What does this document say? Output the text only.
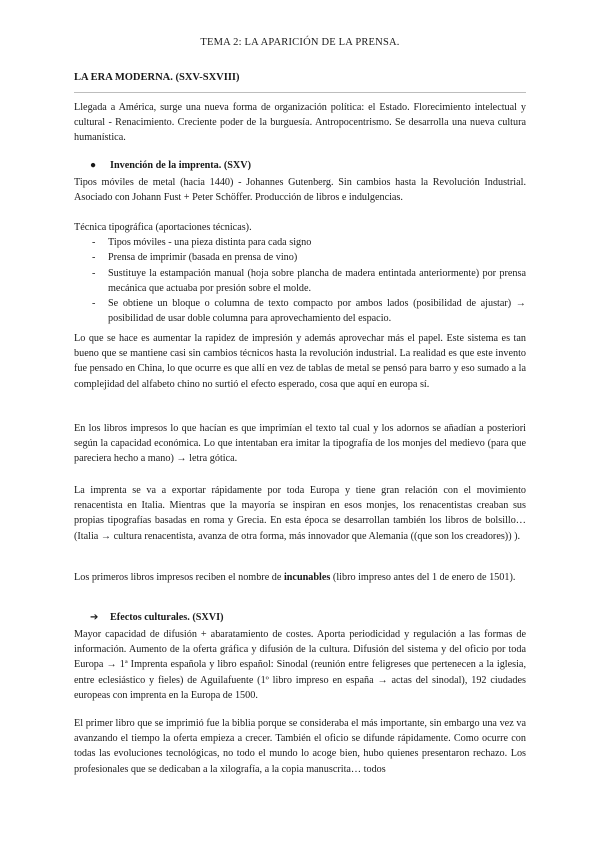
TEMA 2: LA APARICIÓN DE LA PRENSA.
LA ERA MODERNA. (SXV-SXVIII)

Llegada a América, surge una nueva forma de organización política: el Estado. Florecimiento intelectual y cultural - Renacimiento. Creciente poder de la burguesía. Antropocentrismo. Se desarrolla una nueva cultura humanística.

● Invención de la imprenta. (SXV)

Tipos móviles de metal (hacia 1440) - Johannes Gutenberg. Sin cambios hasta la Revolución Industrial. Asociado con Johann Fust + Peter Schöffer. Producción de libros e indulgencias.

Técnica tipográfica (aportaciones técnicas).

- Tipos móviles - una pieza distinta para cada signo
- Prensa de imprimir (basada en prensa de vino)
- Sustituye la estampación manual (hoja sobre plancha de madera entintada anteriormente) por prensa mecánica que actuaba por presión sobre el molde.
- Se obtiene un bloque o columna de texto compacto por ambos lados (posibilidad de ajustar) → posibilidad de usar doble columna para aprovechamiento del espacio.

Lo que se hace es aumentar la rapidez de impresión y además aprovechar más el papel. Este sistema es tan bueno que se mantiene casi sin cambios técnicos hasta la revolución industrial. La realidad es que este invento fue pensado en China, lo que ocurre es que allí en vez de tablas de metal se pensó para barro y eso sumado a la complejidad del alfabeto chino no surtió el efecto esperado, cosa que aquí en europa sí.

En los libros impresos lo que hacían es que imprimían el texto tal cual y los adornos se añadían a posteriori según la capacidad económica. Lo que intentaban era imitar la tipografía de los monjes del medievo (para que pareciera hecho a mano) → letra gótica.

La imprenta se va a exportar rápidamente por toda Europa y tiene gran relación con el movimiento renacentista en Italia. Mientras que la mayoría se inspiran en esos monjes, los renacentistas creaban sus propias tipografías basadas en roma y Grecia. En esta época se desarrollan también los libros de bolsillo… (Italia → cultura renacentista, avanza de otra forma, más innovador que Alemania ((que son los creadores)) ).

Los primeros libros impresos reciben el nombre de incunables (libro impreso antes del 1 de enero de 1501).

➔ Efectos culturales. (SXVI)

Mayor capacidad de difusión + abaratamiento de costes. Aporta periodicidad y regulación a las formas de información. Aumento de la oferta gráfica y difusión de la cultura. Difusión del sistema y del oficio por toda Europa → 1ª Imprenta española y libro español: Sinodal (reunión entre feligreses que pertenecen a la iglesia, entre eclesiástico y fieles) de Aguilafuente (1º libro impreso en españa → actas del sinodal), 192 ciudades europeas con imprenta en la Europa de 1500.

El primer libro que se imprimió fue la biblia porque se consideraba el más importante, sin embargo una vez va avanzando el tiempo la oferta empieza a crecer. También el oficio se difunde rápidamente. Como ocurre con todas las evoluciones tecnológicas, no todo el mundo lo acoge bien, hubo quienes presentaron rechazo. Los profesionales que se dedicaban a la xilografía, a la copia manuscrita… todos
